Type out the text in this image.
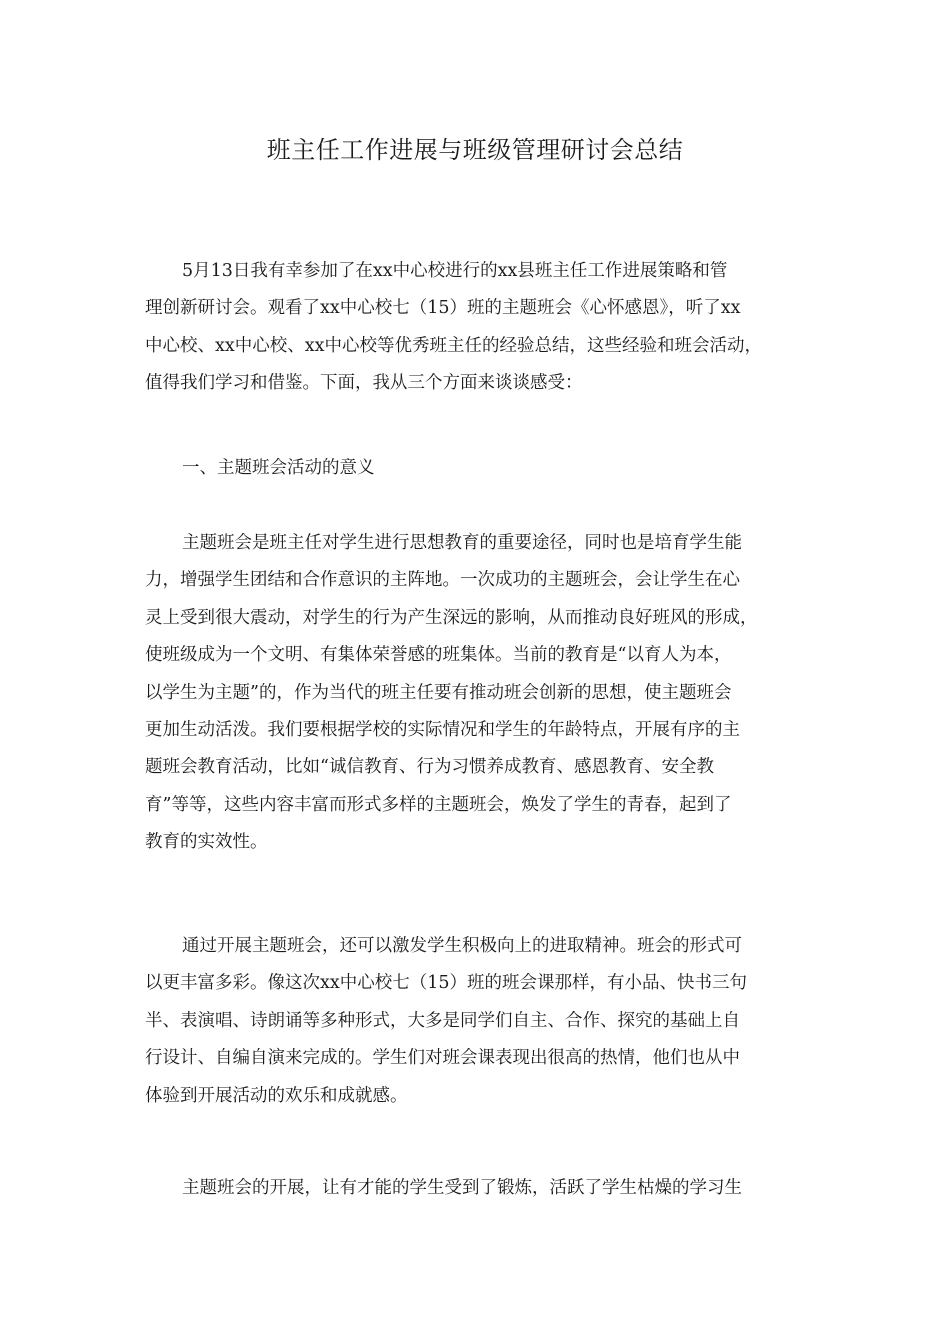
班主任工作进展与班级管理研讨会总结
5月13日我有幸参加了在xx中心校进行的xx县班主任工作进展策略和管
理创新研讨会。观看了xx中心校七（15）班的主题班会《心怀感恩》，听了xx
中心校、xx中心校、xx中心校等优秀班主任的经验总结，这些经验和班会活动，
值得我们学习和借鉴。下面，我从三个方面来谈谈感受：
一、主题班会活动的意义
主题班会是班主任对学生进行思想教育的重要途径，同时也是培育学生能
力，增强学生团结和合作意识的主阵地。一次成功的主题班会，会让学生在心
灵上受到很大震动，对学生的行为产生深远的影响，从而推动良好班风的形成，
使班级成为一个文明、有集体荣誉感的班集体。当前的教育是“以育人为本，
以学生为主题”的，作为当代的班主任要有推动班会创新的思想，使主题班会
更加生动活泼。我们要根据学校的实际情况和学生的年龄特点，开展有序的主
题班会教育活动，比如“诚信教育、行为习惯养成教育、感恩教育、安全教
育”等等，这些内容丰富而形式多样的主题班会，焕发了学生的青春，起到了
教育的实效性。
通过开展主题班会，还可以激发学生积极向上的进取精神。班会的形式可
以更丰富多彩。像这次xx中心校七（15）班的班会课那样，有小品、快书三句
半、表演唱、诗朗诵等多种形式，大多是同学们自主、合作、探究的基础上自
行设计、自编自演来完成的。学生们对班会课表现出很高的热情，他们也从中
体验到开展活动的欢乐和成就感。
主题班会的开展，让有才能的学生受到了锻炼，活跃了学生枯燥的学习生
